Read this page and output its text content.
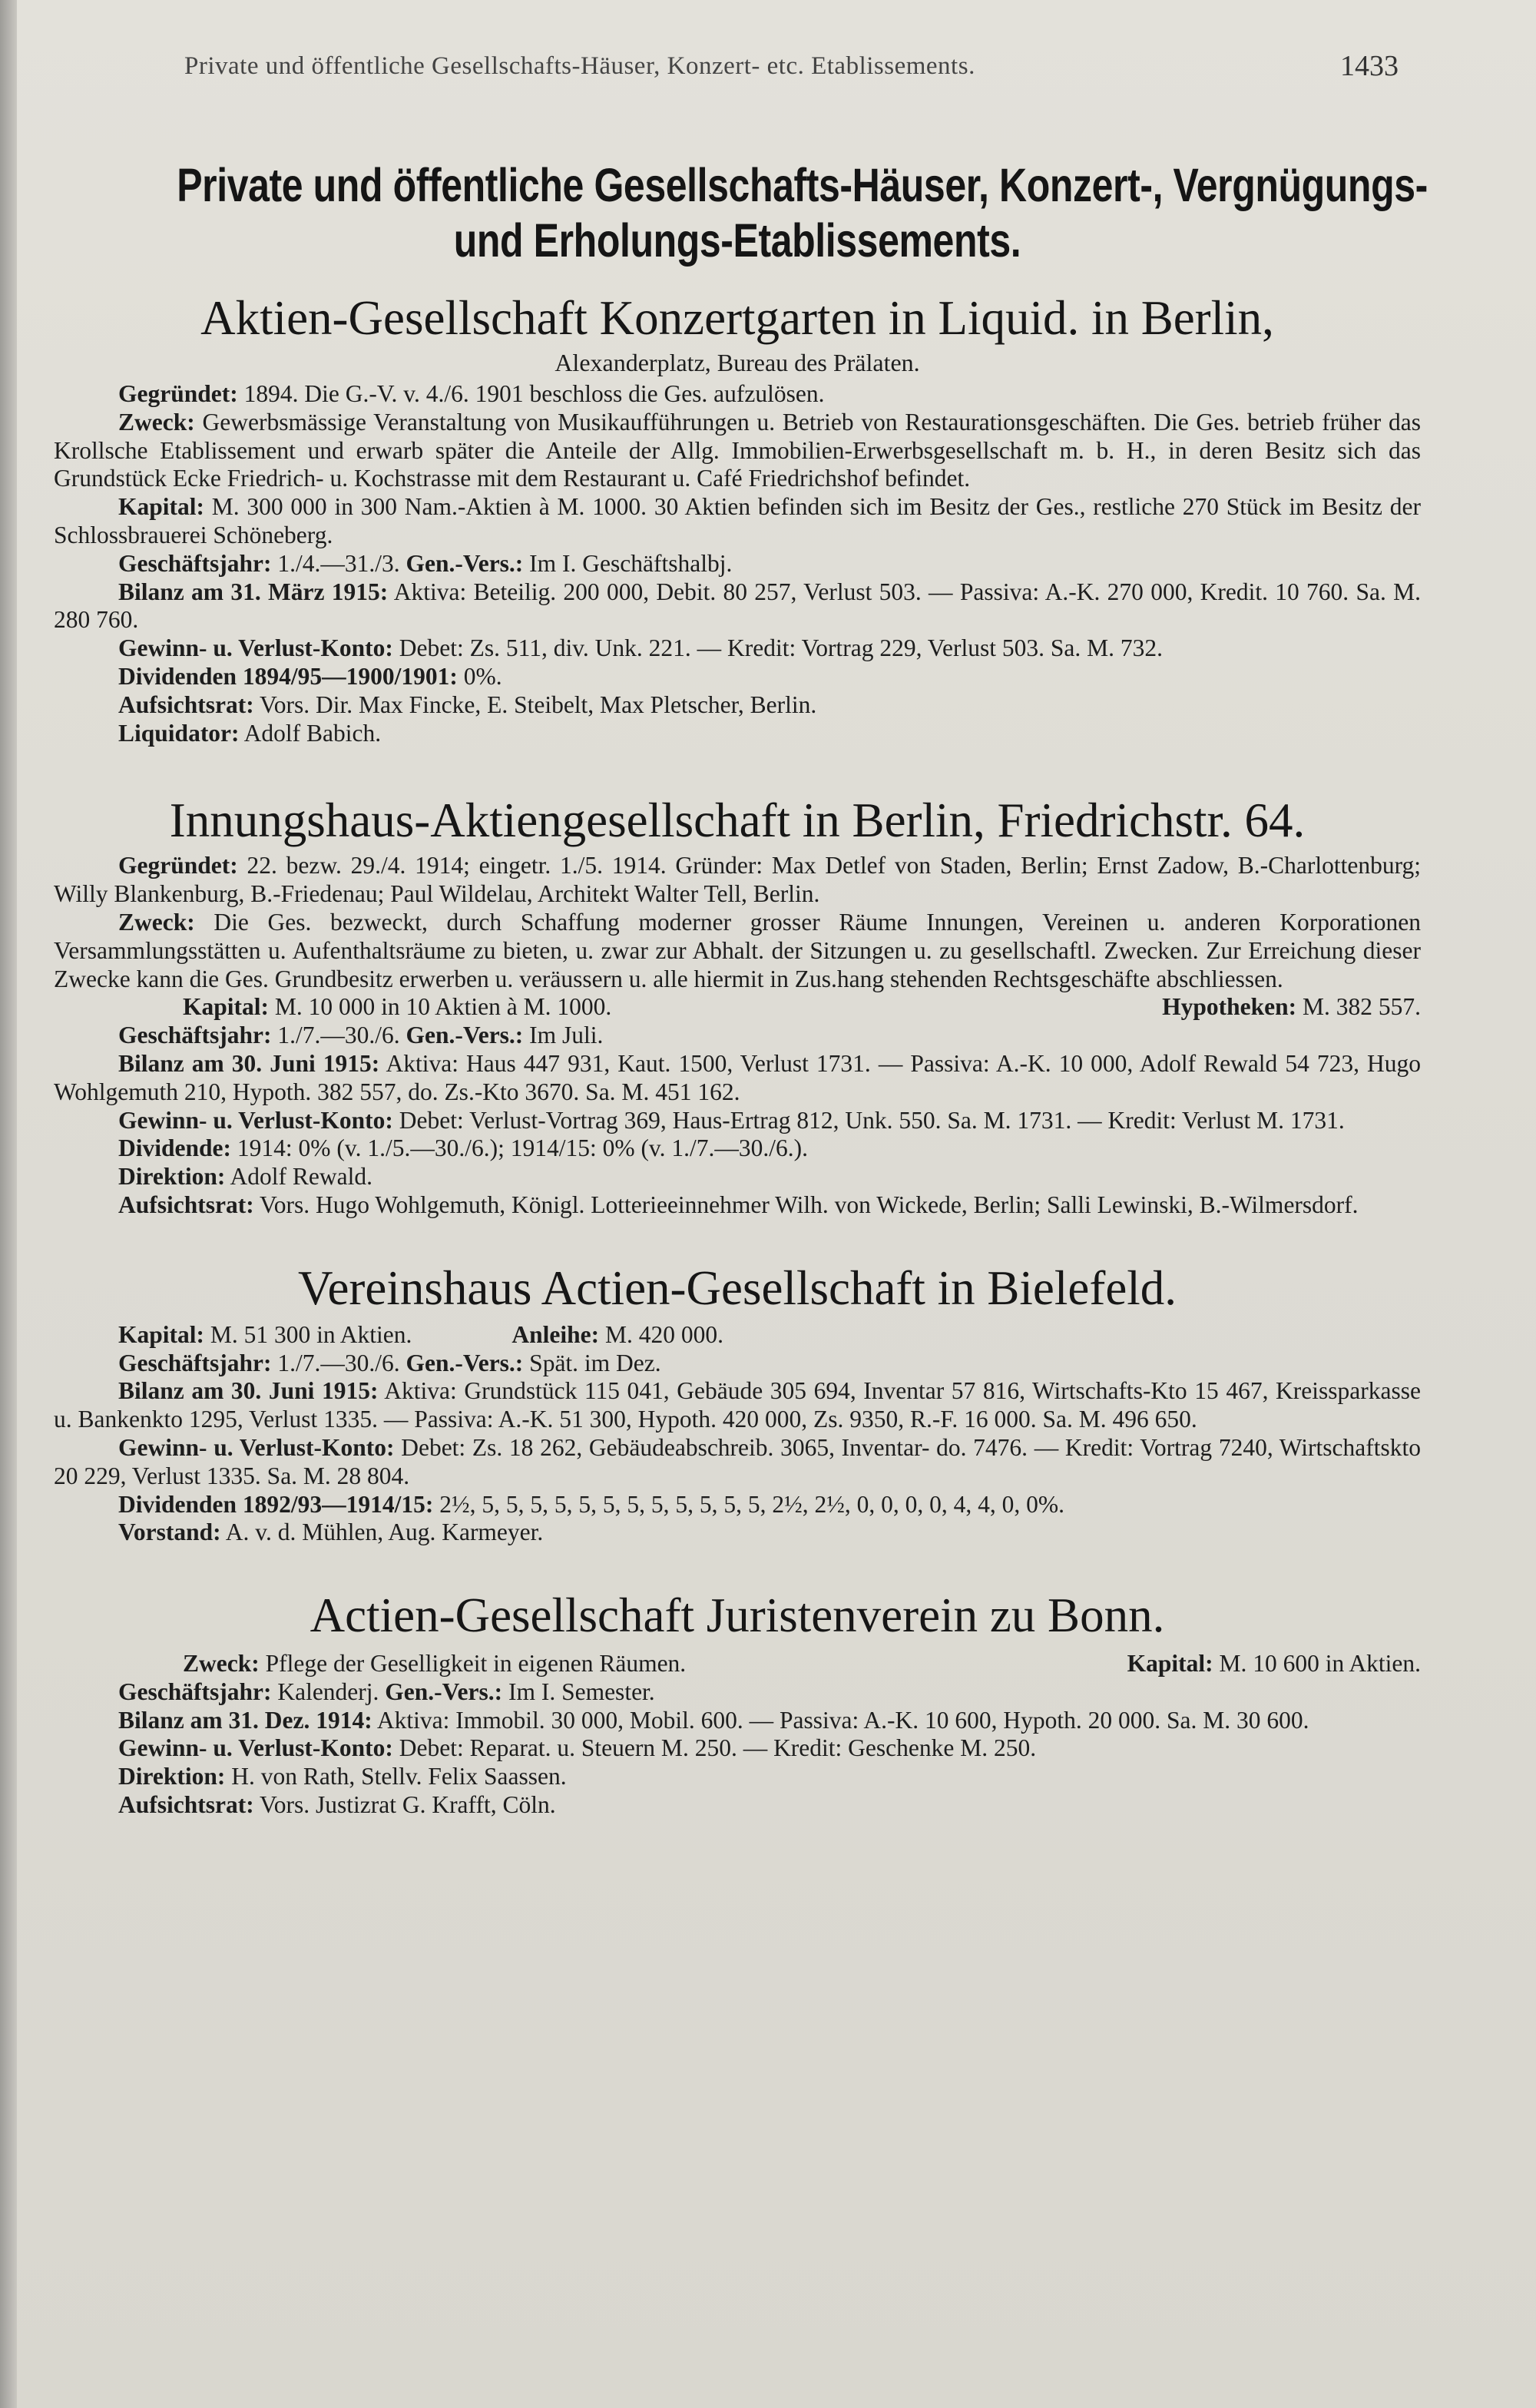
Private und öffentliche Gesellschafts-Häuser, Konzert- etc. Etablissements.	1433
Private und öffentliche Gesellschafts-Häuser, Konzert-, Vergnügungs-
und Erholungs-Etablissements.
Aktien-Gesellschaft Konzertgarten in Liquid. in Berlin,
Alexanderplatz, Bureau des Prälaten.

Gegründet: 1894. Die G.-V. v. 4./6. 1901 beschloss die Ges. aufzulösen.

Zweck: Gewerbsmässige Veranstaltung von Musikaufführungen u. Betrieb von Restaurationsgeschäften. Die Ges. betrieb früher das Krollsche Etablissement und erwarb später die Anteile der Allg. Immobilien-Erwerbsgesellschaft m. b. H., in deren Besitz sich das Grundstück Ecke Friedrich- u. Kochstrasse mit dem Restaurant u. Café Friedrichshof befindet.

Kapital: M. 300 000 in 300 Nam.-Aktien à M. 1000. 30 Aktien befinden sich im Besitz der Ges., restliche 270 Stück im Besitz der Schlossbrauerei Schöneberg.

Geschäftsjahr: 1./4.—31./3. Gen.-Vers.: Im I. Geschäftshalbj.

Bilanz am 31. März 1915: Aktiva: Beteilig. 200 000, Debit. 80 257, Verlust 503. — Passiva: A.-K. 270 000, Kredit. 10 760. Sa. M. 280 760.

Gewinn- u. Verlust-Konto: Debet: Zs. 511, div. Unk. 221. — Kredit: Vortrag 229, Verlust 503. Sa. M. 732.

Dividenden 1894/95—1900/1901: 0%.

Aufsichtsrat: Vors. Dir. Max Fincke, E. Steibelt, Max Pletscher, Berlin.

Liquidator: Adolf Babich.

Innungshaus-Aktiengesellschaft in Berlin, Friedrichstr. 64.

Gegründet: 22. bezw. 29./4. 1914; eingetr. 1./5. 1914. Gründer: Max Detlef von Staden, Berlin; Ernst Zadow, B.-Charlottenburg; Willy Blankenburg, B.-Friedenau; Paul Wildelau, Architekt Walter Tell, Berlin.

Zweck: Die Ges. bezweckt, durch Schaffung moderner grosser Räume Innungen, Vereinen u. anderen Korporationen Versammlungsstätten u. Aufenthaltsräume zu bieten, u. zwar zur Abhalt. der Sitzungen u. zu gesellschaftl. Zwecken. Zur Erreichung dieser Zwecke kann die Ges. Grundbesitz erwerben u. veräussern u. alle hiermit in Zus.hang stehenden Rechtsgeschäfte abschliessen.

Kapital: M. 10 000 in 10 Aktien à M. 1000.	Hypotheken: M. 382 557.

Geschäftsjahr: 1./7.—30./6. Gen.-Vers.: Im Juli.

Bilanz am 30. Juni 1915: Aktiva: Haus 447 931, Kaut. 1500, Verlust 1731. — Passiva: A.-K. 10 000, Adolf Rewald 54 723, Hugo Wohlgemuth 210, Hypoth. 382 557, do. Zs.-Kto 3670. Sa. M. 451 162.

Gewinn- u. Verlust-Konto: Debet: Verlust-Vortrag 369, Haus-Ertrag 812, Unk. 550. Sa. M. 1731. — Kredit: Verlust M. 1731.

Dividende: 1914: 0% (v. 1./5.—30./6.); 1914/15: 0% (v. 1./7.—30./6.).

Direktion: Adolf Rewald.

Aufsichtsrat: Vors. Hugo Wohlgemuth, Königl. Lotterieeinnehmer Wilh. von Wickede, Berlin; Salli Lewinski, B.-Wilmersdorf.

Vereinshaus Actien-Gesellschaft in Bielefeld.

Kapital: M. 51 300 in Aktien.	Anleihe: M. 420 000.

Geschäftsjahr: 1./7.—30./6. Gen.-Vers.: Spät. im Dez.

Bilanz am 30. Juni 1915: Aktiva: Grundstück 115 041, Gebäude 305 694, Inventar 57 816, Wirtschafts-Kto 15 467, Kreissparkasse u. Bankenkto 1295, Verlust 1335. — Passiva: A.-K. 51 300, Hypoth. 420 000, Zs. 9350, R.-F. 16 000. Sa. M. 496 650.

Gewinn- u. Verlust-Konto: Debet: Zs. 18 262, Gebäudeabschreib. 3065, Inventar- do. 7476. — Kredit: Vortrag 7240, Wirtschaftskto 20 229, Verlust 1335. Sa. M. 28 804.

Dividenden 1892/93—1914/15: 2½, 5, 5, 5, 5, 5, 5, 5, 5, 5, 5, 5, 5, 2½, 2½, 0, 0, 0, 0, 4, 4, 0, 0%.

Vorstand: A. v. d. Mühlen, Aug. Karmeyer.

Actien-Gesellschaft Juristenverein zu Bonn.

Zweck: Pflege der Geselligkeit in eigenen Räumen.	Kapital: M. 10 600 in Aktien.

Geschäftsjahr: Kalenderj. Gen.-Vers.: Im I. Semester.

Bilanz am 31. Dez. 1914: Aktiva: Immobil. 30 000, Mobil. 600. — Passiva: A.-K. 10 600, Hypoth. 20 000. Sa. M. 30 600.

Gewinn- u. Verlust-Konto: Debet: Reparat. u. Steuern M. 250. — Kredit: Geschenke M. 250.

Direktion: H. von Rath, Stellv. Felix Saassen.

Aufsichtsrat: Vors. Justizrat G. Krafft, Cöln.
